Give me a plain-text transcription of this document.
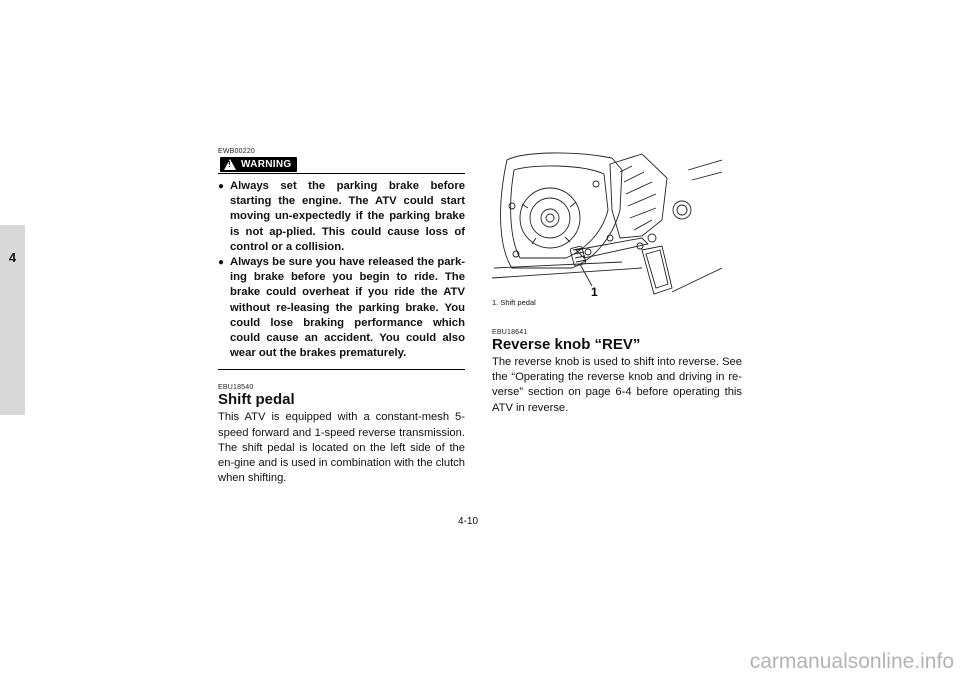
4
EWB00220
! WARNING
● Always set the parking brake before starting the engine. The ATV could start moving un-expectedly if the parking brake is not ap-plied. This could cause loss of control or a collision.
● Always be sure you have released the park-ing brake before you begin to ride. The brake could overheat if you ride the ATV without re-leasing the parking brake. You could lose braking performance which could cause an accident. You could also wear out the brakes prematurely.
EBU18540
Shift pedal

This ATV is equipped with a constant-mesh 5-speed forward and 1-speed reverse transmission. The shift pedal is located on the left side of the en-gine and is used in combination with the clutch when shifting.

1
1. Shift pedal
EBU18641
Reverse knob “REV”

The reverse knob is used to shift into reverse. See the “Operating the reverse knob and driving in re-verse” section on page 6-4 before operating this ATV in reverse.

4-10
carmanualsonline.info
